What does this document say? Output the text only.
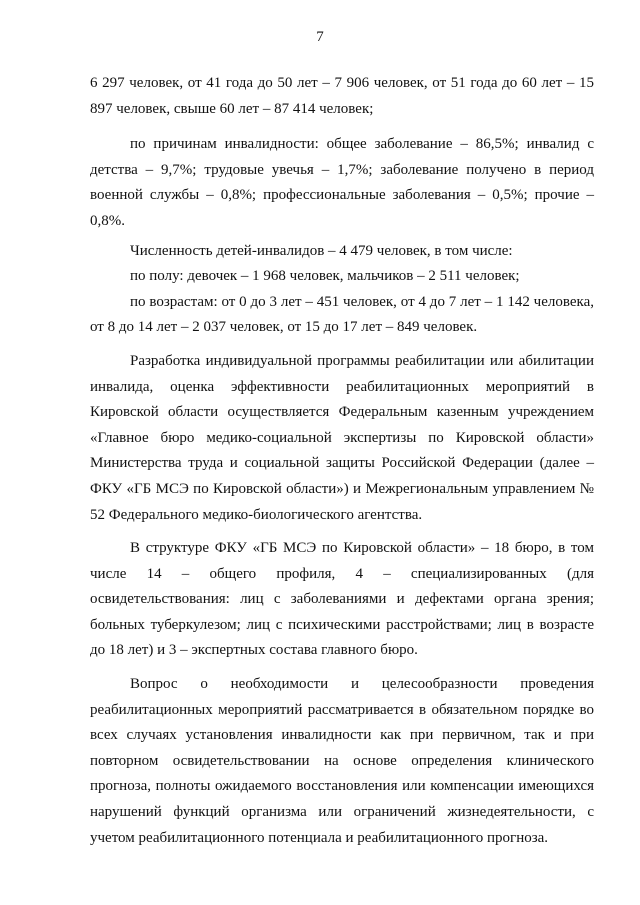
7

6 297 человек, от 41 года до 50 лет – 7 906 человек, от 51 года до 60 лет – 15 897 человек, свыше 60 лет – 87 414 человек;

по причинам инвалидности: общее заболевание – 86,5%; инвалид с детства – 9,7%; трудовые увечья – 1,7%; заболевание получено в период военной службы – 0,8%; профессиональные заболевания – 0,5%; прочие – 0,8%.

Численность детей-инвалидов – 4 479 человек, в том числе:

по полу: девочек – 1 968 человек, мальчиков – 2 511 человек;

по возрастам: от 0 до 3 лет – 451 человек, от 4 до 7 лет – 1 142 человека, от 8 до 14 лет – 2 037 человек, от 15 до 17 лет – 849 человек.

Разработка индивидуальной программы реабилитации или абилитации инвалида, оценка эффективности реабилитационных мероприятий в Кировской области осуществляется Федеральным казенным учреждением «Главное бюро медико-социальной экспертизы по Кировской области» Министерства труда и социальной защиты Российской Федерации (далее – ФКУ «ГБ МСЭ по Кировской области») и Межрегиональным управлением № 52 Федерального медико-биологического агентства.

В структуре ФКУ «ГБ МСЭ по Кировской области» – 18 бюро, в том числе 14 – общего профиля, 4 – специализированных (для освидетельствования: лиц с заболеваниями и дефектами органа зрения; больных туберкулезом; лиц с психическими расстройствами; лиц в возрасте до 18 лет) и 3 – экспертных состава главного бюро.

Вопрос о необходимости и целесообразности проведения реабилитационных мероприятий рассматривается в обязательном порядке во всех случаях установления инвалидности как при первичном, так и при повторном освидетельствовании на основе определения клинического прогноза, полноты ожидаемого восстановления или компенсации имеющихся нарушений функций организма или ограничений жизнедеятельности, с учетом реабилитационного потенциала и реабилитационного прогноза.
